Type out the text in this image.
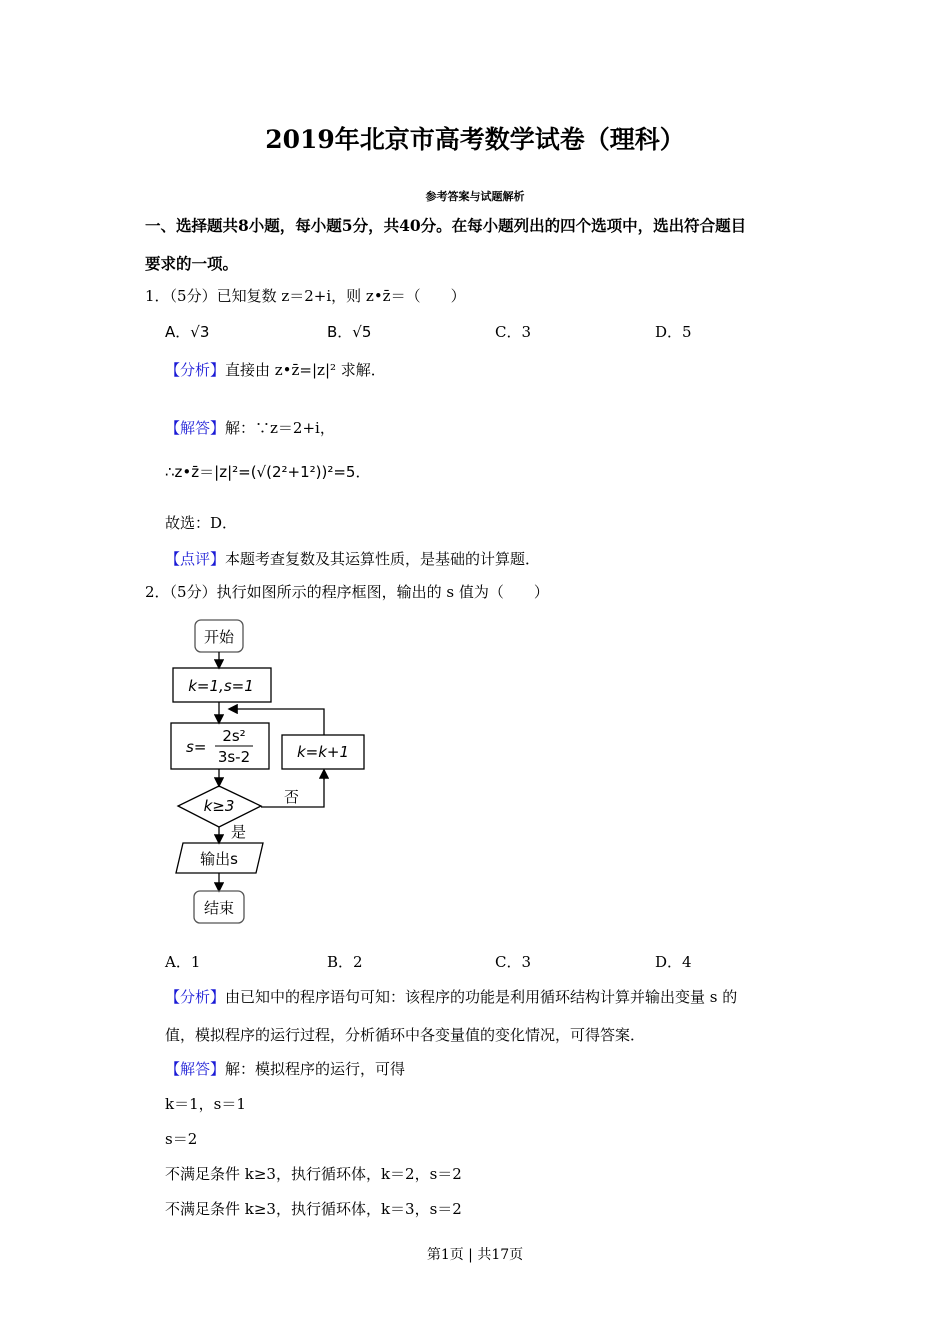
2019年北京市高考数学试卷（理科）
参考答案与试题解析
一、选择题共8小题，每小题5分，共40分。在每小题列出的四个选项中，选出符合题目
要求的一项。
1．（5分）已知复数 z＝2+i，则 z•z̄＝（　　）
A．√3	B．√5	C．3	D．5
【分析】直接由 z•z̄=|z|² 求解．
【解答】解：∵z＝2+i，
∴z•z̄＝|z|²=(√(2²+1²))²=5．
故选：D．
【点评】本题考查复数及其运算性质，是基础的计算题．
2．（5分）执行如图所示的程序框图，输出的 s 值为（　　）
开始
k=1,s=1
s=
2s²
3s-2	k=k+1
k≥3	否
是
输出s
结束
A．1	B．2	C．3	D．4
【分析】由已知中的程序语句可知：该程序的功能是利用循环结构计算并输出变量 s 的
值，模拟程序的运行过程，分析循环中各变量值的变化情况，可得答案．
【解答】解：模拟程序的运行，可得
k＝1，s＝1
s＝2
不满足条件 k≥3，执行循环体，k＝2，s＝2
不满足条件 k≥3，执行循环体，k＝3，s＝2
第1页 | 共17页
